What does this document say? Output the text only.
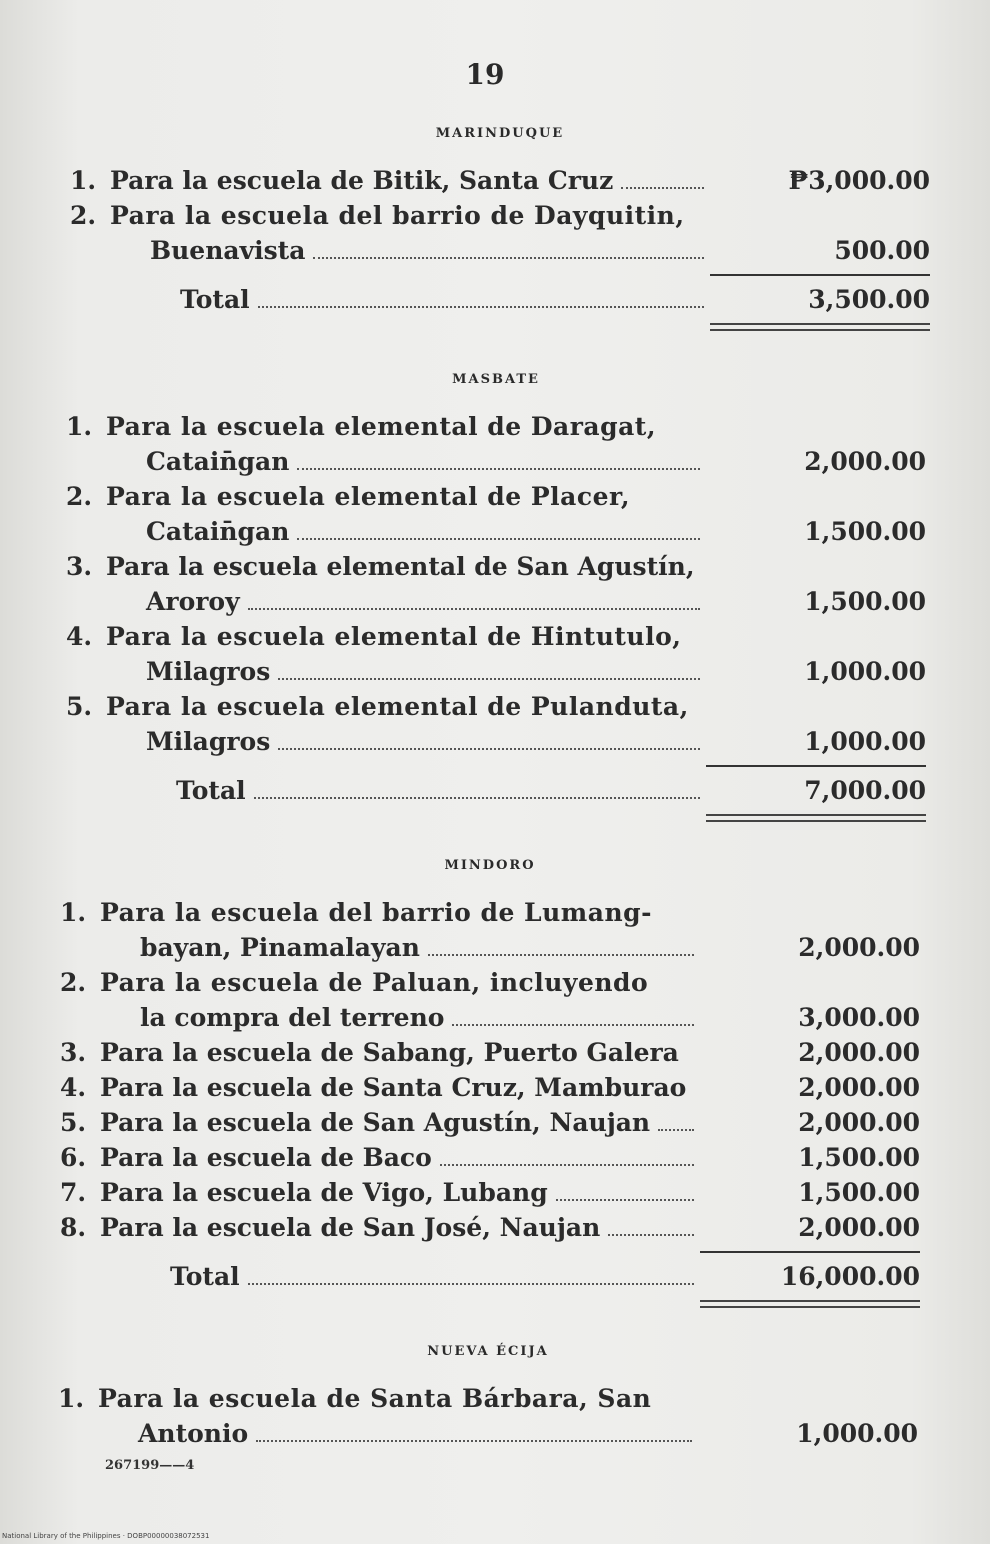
19
MARINDUQUE
1. Para la escuela de Bitik, Santa Cruz	₱3,000.00
2. Para la escuela del barrio de Dayquitin,
Buenavista	500.00
Total	3,500.00
MASBATE
1. Para la escuela elemental de Daragat,
Catain̄gan	2,000.00
2. Para la escuela elemental de Placer,
Catain̄gan	1,500.00
3. Para la escuela elemental de San Agustín,
Aroroy	1,500.00
4. Para la escuela elemental de Hintutulo,
Milagros	1,000.00
5. Para la escuela elemental de Pulanduta,
Milagros	1,000.00
Total	7,000.00
MINDORO
1. Para la escuela del barrio de Lumang-
bayan, Pinamalayan	2,000.00
2. Para la escuela de Paluan, incluyendo
la compra del terreno	3,000.00
3. Para la escuela de Sabang, Puerto Galera	2,000.00
4. Para la escuela de Santa Cruz, Mamburao	2,000.00
5. Para la escuela de San Agustín, Naujan	2,000.00
6. Para la escuela de Baco	1,500.00
7. Para la escuela de Vigo, Lubang	1,500.00
8. Para la escuela de San José, Naujan	2,000.00
Total	16,000.00
NUEVA ÉCIJA
1. Para la escuela de Santa Bárbara, San
Antonio	1,000.00
267199——4
National Library of the Philippines · DOBP00000038072531
